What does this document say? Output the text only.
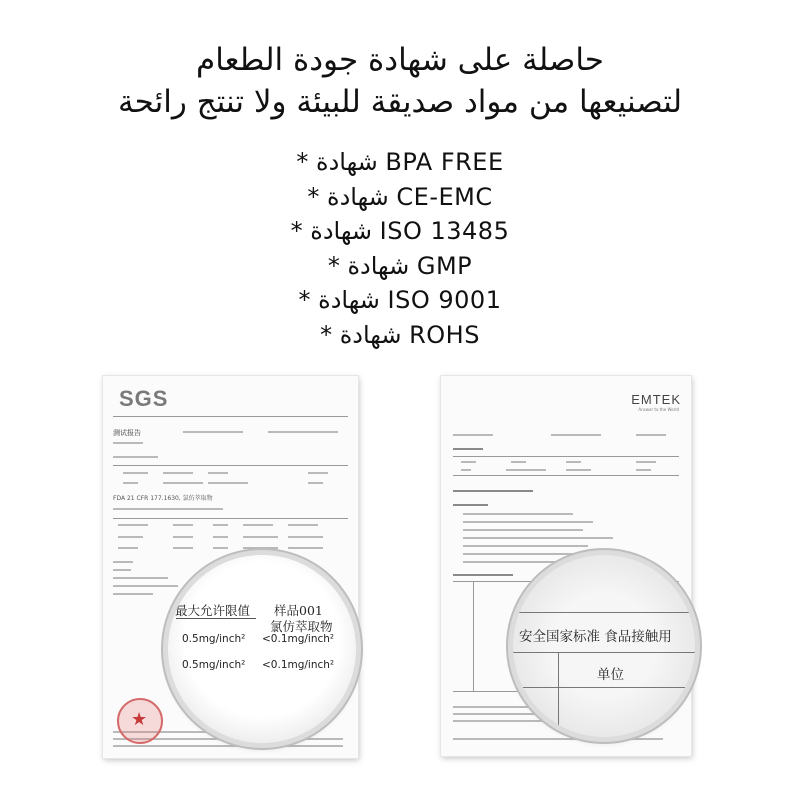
حاصلة على شهادة جودة الطعام
لتصنيعها من مواد صديقة للبيئة ولا تنتج رائحة
* شهادة BPA FREE
* شهادة CE-EMC
* شهادة ISO 13485
* شهادة GMP
* شهادة ISO 9001
* شهادة ROHS
SGS
测试报告
FDA 21 CFR 177.1630, 氯仿萃取物
★
最大允许限值 样品001
氯仿萃取物
0.5mg/inch² <0.1mg/inch²
0.5mg/inch² <0.1mg/inch²
EMTEK
Answer to the World
安全国家标准 食品接触用
单位
